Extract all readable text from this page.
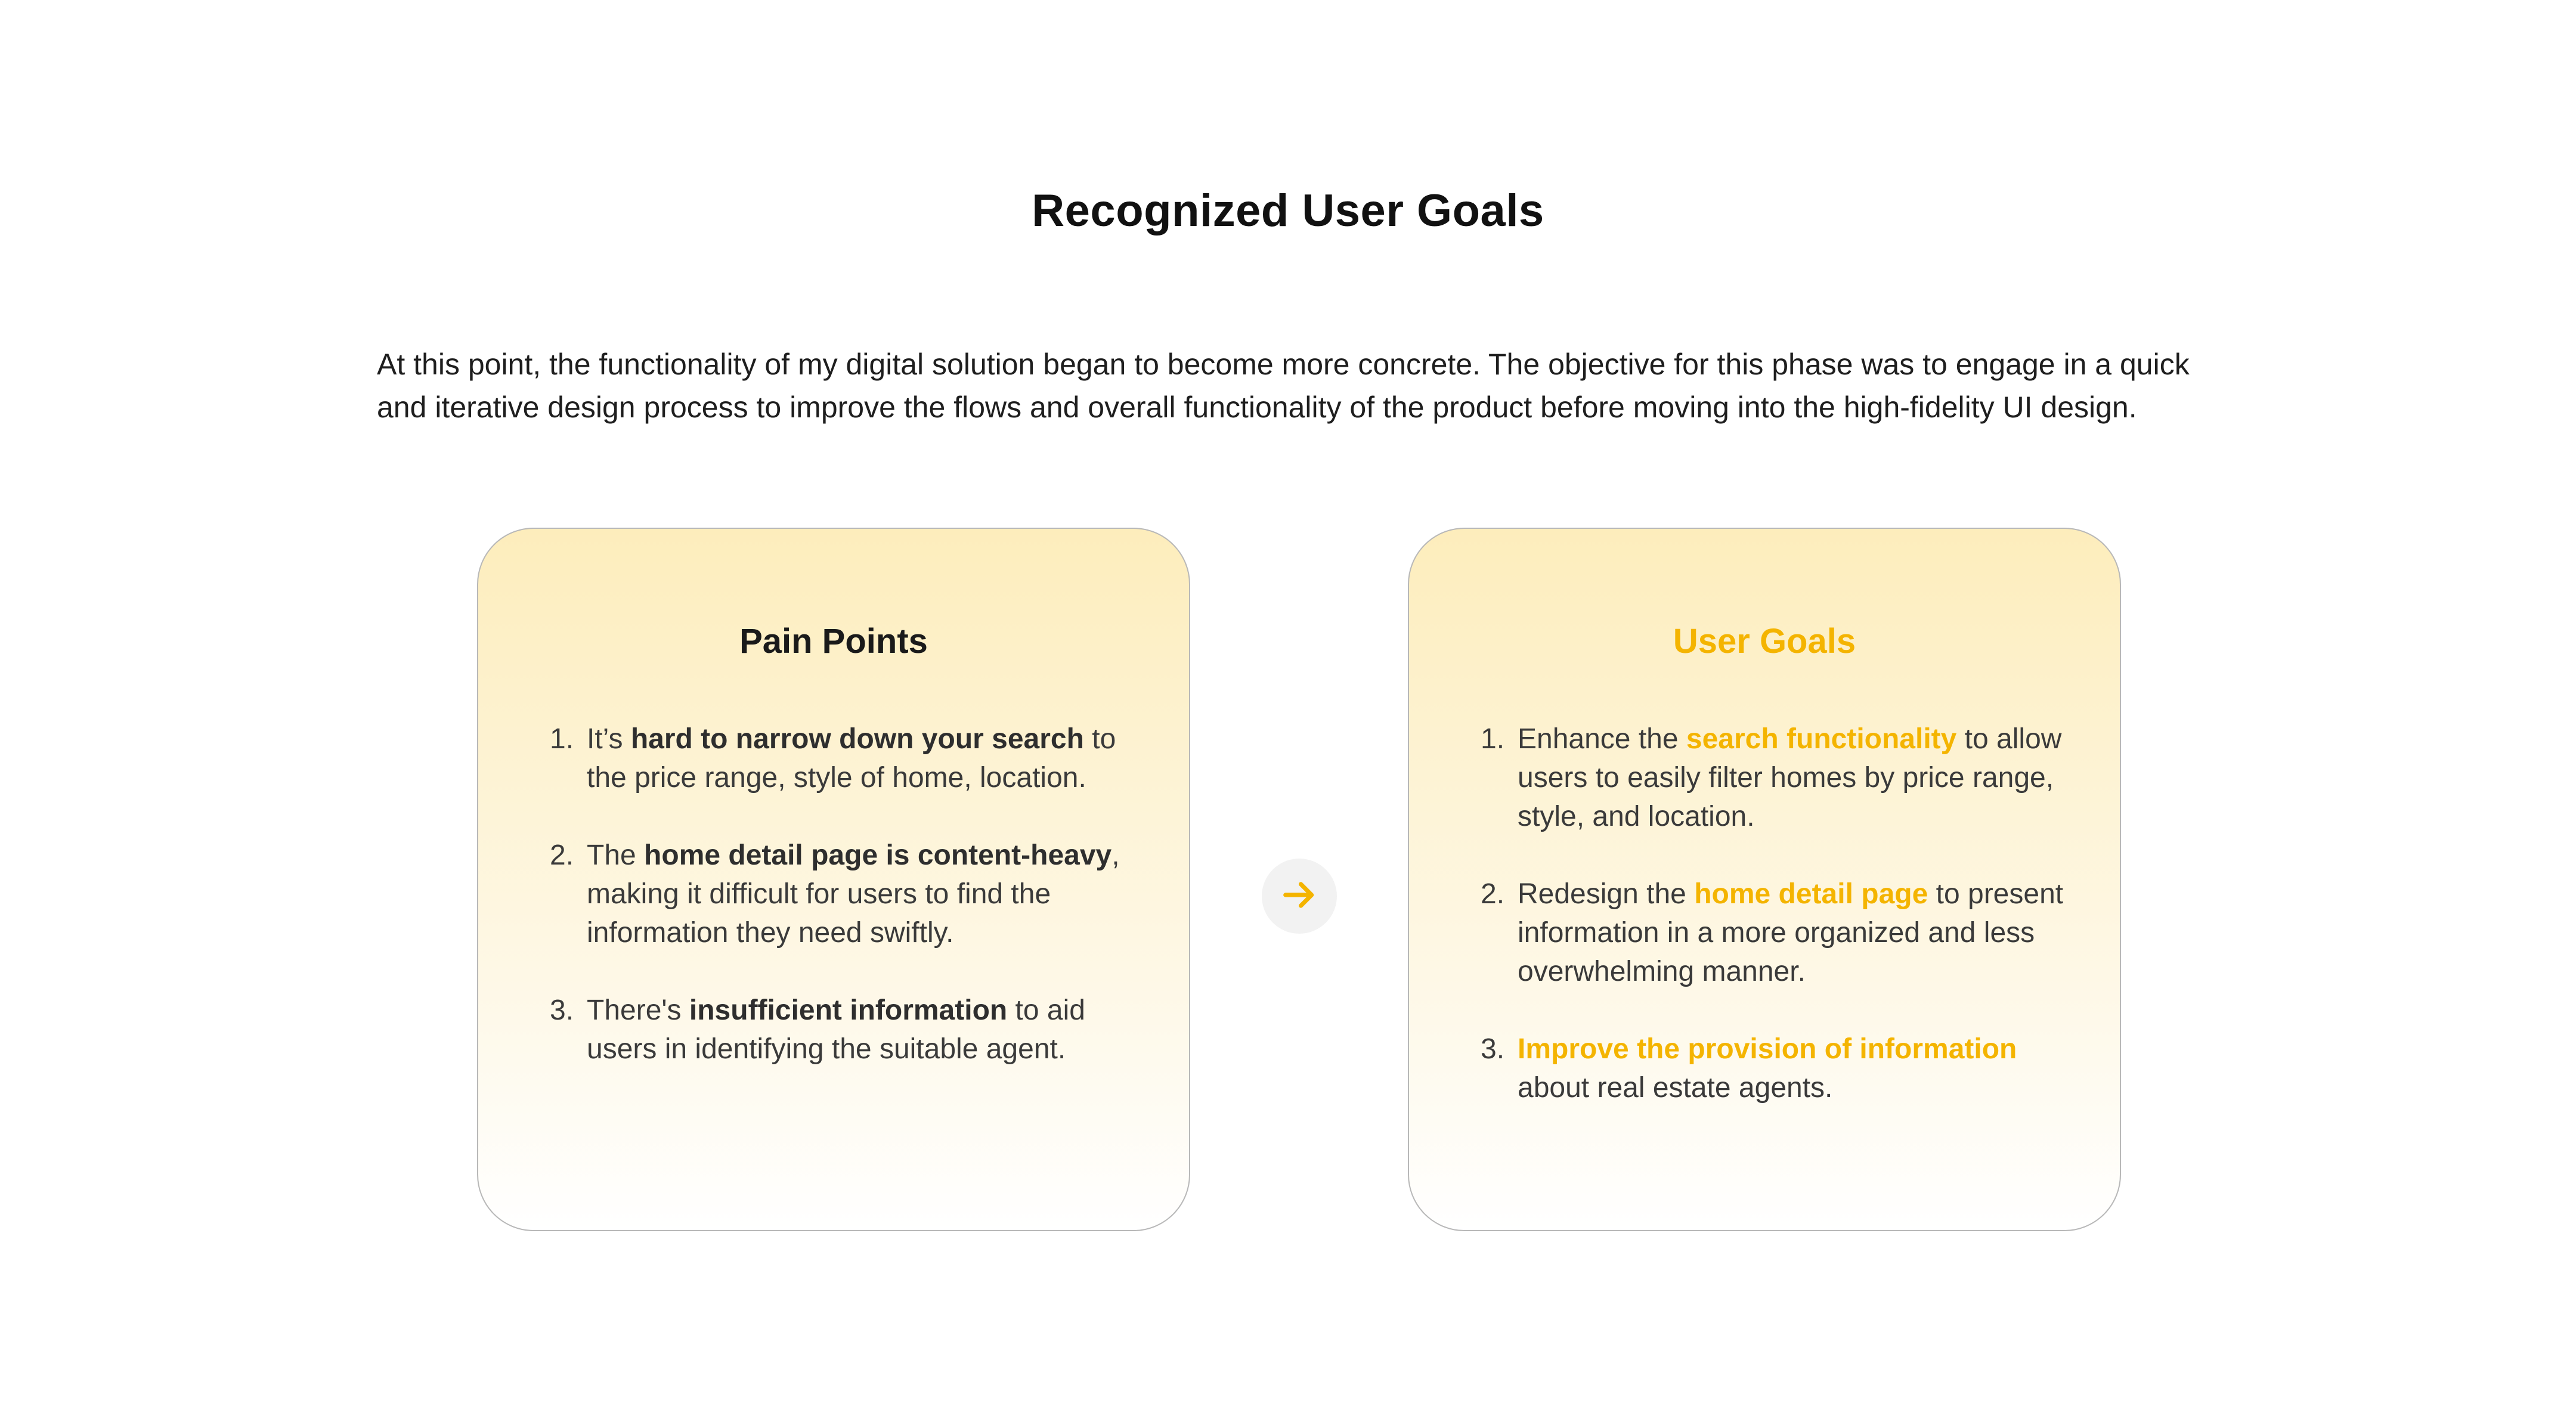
Recognized User Goals
At this point, the functionality of my digital solution began to become more concrete. The objective for this phase was to engage in a quick and iterative design process to improve the flows and overall functionality of the product before moving into the high-fidelity UI design.
Pain Points
1. It’s hard to narrow down your search to the price range, style of home, location.
2. The home detail page is content-heavy, making it difficult for users to find the information they need swiftly.
3. There's insufficient information to aid users in identifying the suitable agent.
User Goals
1. Enhance the search functionality to allow users to easily filter homes by price range, style, and location.
2. Redesign the home detail page to present information in a more organized and less overwhelming manner.
3. Improve the provision of information about real estate agents.
